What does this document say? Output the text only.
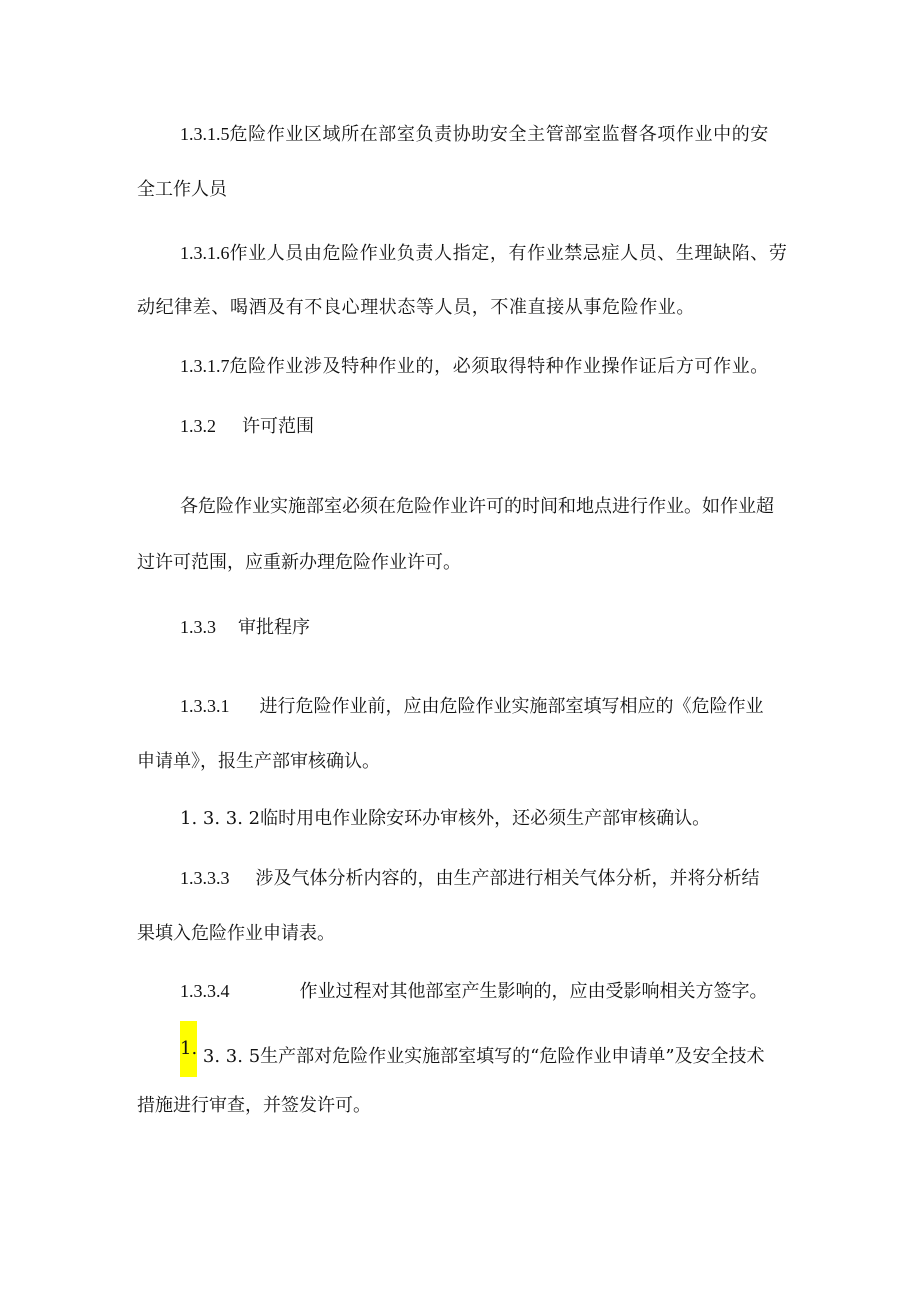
1.3.1.5危险作业区域所在部室负责协助安全主管部室监督各项作业中的安
全工作人员
1.3.1.6作业人员由危险作业负责人指定，有作业禁忌症人员、生理缺陷、劳
动纪律差、喝酒及有不良心理状态等人员，不准直接从事危险作业。
1.3.1.7危险作业涉及特种作业的，必须取得特种作业操作证后方可作业。
1.3.2 许可范围
各危险作业实施部室必须在危险作业许可的时间和地点进行作业。如作业超
过许可范围，应重新办理危险作业许可。
1.3.3 审批程序
1.3.3.1 进行危险作业前，应由危险作业实施部室填写相应的《危险作业
申请单》，报生产部审核确认。
1. 3. 3. 2临时用电作业除安环办审核外，还必须生产部审核确认。
1.3.3.3 涉及气体分析内容的，由生产部进行相关气体分析，并将分析结
果填入危险作业申请表。
1.3.3.4	作业过程对其他部室产生影响的，应由受影响相关方签字。
1. 3. 3. 5生产部对危险作业实施部室填写的“危险作业申请单”及安全技术
措施进行审查，并签发许可。
